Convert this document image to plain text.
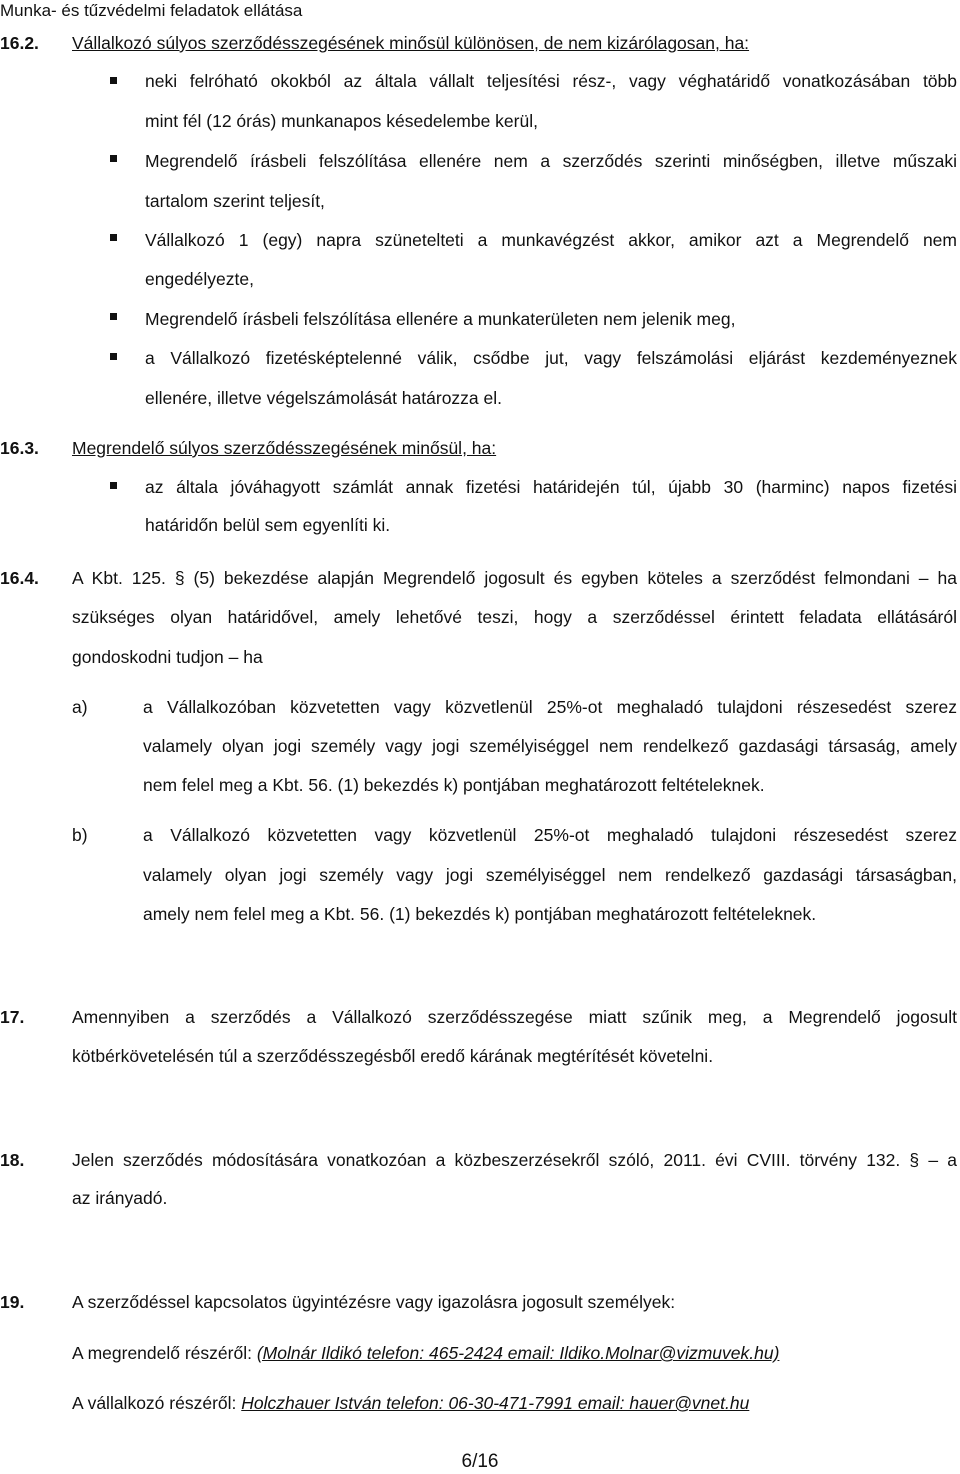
Munka- és tűzvédelmi feladatok ellátása
16.2. Vállalkozó súlyos szerződésszegésének minősül különösen, de nem kizárólagosan, ha:
neki felróható okokból az általa vállalt teljesítési rész-, vagy véghatáridő vonatkozásában több
mint fél (12 órás) munkanapos késedelembe kerül,
Megrendelő írásbeli felszólítása ellenére nem a szerződés szerinti minőségben, illetve műszaki
tartalom szerint teljesít,
Vállalkozó 1 (egy) napra szünetelteti a munkavégzést akkor, amikor azt a Megrendelő nem
engedélyezte,
Megrendelő írásbeli felszólítása ellenére a munkaterületen nem jelenik meg,
a Vállalkozó fizetésképtelenné válik, csődbe jut, vagy felszámolási eljárást kezdeményeznek
ellenére, illetve végelszámolását határozza el.
16.3. Megrendelő súlyos szerződésszegésének minősül, ha:
az általa jóváhagyott számlát annak fizetési határidején túl, újabb 30 (harminc) napos fizetési
határidőn belül sem egyenlíti ki.
16.4. A Kbt. 125. § (5) bekezdése alapján Megrendelő jogosult és egyben köteles a szerződést felmondani – ha
szükséges olyan határidővel, amely lehetővé teszi, hogy a szerződéssel érintett feladata ellátásáról
gondoskodni tudjon – ha
a)	a Vállalkozóban közvetetten vagy közvetlenül 25%-ot meghaladó tulajdoni részesedést szerez
valamely olyan jogi személy vagy jogi személyiséggel nem rendelkező gazdasági társaság, amely
nem felel meg a Kbt. 56. (1) bekezdés k) pontjában meghatározott feltételeknek.
b)	a Vállalkozó közvetetten vagy közvetlenül 25%-ot meghaladó tulajdoni részesedést szerez
valamely olyan jogi személy vagy jogi személyiséggel nem rendelkező gazdasági társaságban,
amely nem felel meg a Kbt. 56. (1) bekezdés k) pontjában meghatározott feltételeknek.
17.	Amennyiben a szerződés a Vállalkozó szerződésszegése miatt szűnik meg, a Megrendelő jogosult
kötbérkövetelésén túl a szerződésszegésből eredő kárának megtérítését követelni.
18.	Jelen szerződés módosítására vonatkozóan a közbeszerzésekről szóló, 2011. évi CVIII. törvény 132. § – a
az irányadó.
19.	A szerződéssel kapcsolatos ügyintézésre vagy igazolásra jogosult személyek:
A megrendelő részéről: (Molnár Ildikó telefon: 465-2424 email: Ildiko.Molnar@vizmuvek.hu)
A vállalkozó részéről: Holczhauer István telefon: 06-30-471-7991 email: hauer@vnet.hu
6/16
